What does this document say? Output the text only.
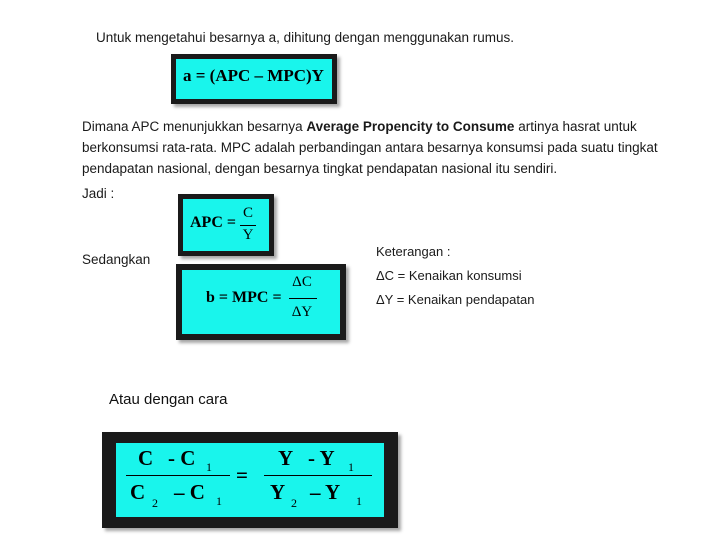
Untuk mengetahui besarnya a, dihitung dengan menggunakan rumus.
a = (APC – MPC)Y
Dimana APC menunjukkan besarnya Average Propencity to Consume artinya hasrat untuk berkonsumsi rata-rata. MPC adalah perbandingan antara besarnya konsumsi pada suatu tingkat pendapatan nasional, dengan besarnya tingkat pendapatan nasional itu sendiri.
Jadi :
APC =
C
Y
Sedangkan
b = MPC =
ΔC
ΔY
Keterangan :
ΔC = Kenaikan konsumsi
ΔY = Kenaikan pendapatan
Atau dengan cara
C - C 1
C 2 – C 1
=
Y - Y 1
Y 2 – Y 1
